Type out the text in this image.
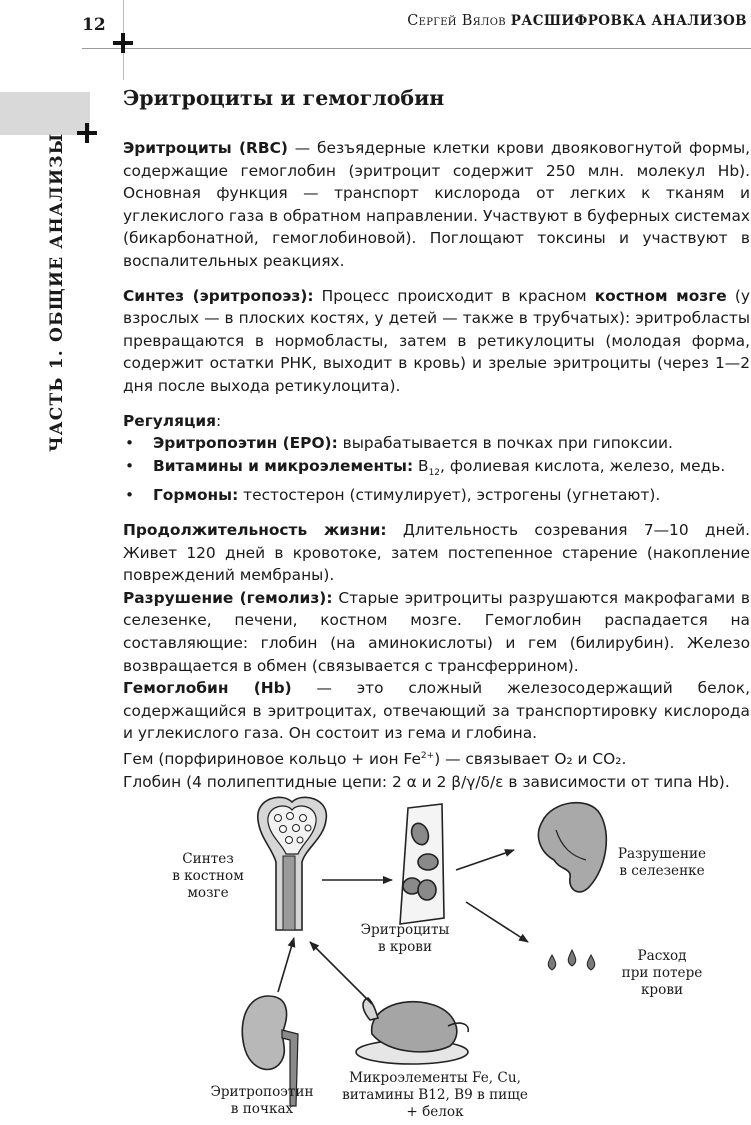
12	Сергей Вялов РАСШИФРОВКА АНАЛИЗОВ
ЧАСТЬ 1. ОБЩИЕ АНАЛИЗЫ
Эритроциты и гемоглобин

Эритроциты (RBC) — безъядерные клетки крови двояковогнутой формы, содержащие гемоглобин (эритроцит содержит 250 млн. молекул Hb). Основная функция — транспорт кислорода от легких к тканям и углекислого газа в обратном направлении. Участвуют в буферных системах (бикарбонатной, гемоглобиновой). Поглощают токсины и участвуют в воспалительных реакциях.

Синтез (эритропоэз): Процесс происходит в красном костном мозге (у взрослых — в плоских костях, у детей — также в трубчатых): эритробласты превращаются в нормобласты, затем в ретикулоциты (молодая форма, содержит остатки РНК, выходит в кровь) и зрелые эритроциты (через 1—2 дня после выхода ретикулоцита).

Регуляция:

• Эритропоэтин (EPO): вырабатывается в почках при гипоксии.
• Витамины и микроэлементы: $B_{12}$, фолиевая кислота, железо, медь.
• Гормоны: тестостерон (стимулирует), эстрогены (угнетают).

Продолжительность жизни: Длительность созревания 7—10 дней. Живет 120 дней в кровотоке, затем постепенное старение (накопление повреждений мембраны).

Разрушение (гемолиз): Старые эритроциты разрушаются макрофагами в селезенке, печени, костном мозге. Гемоглобин распадается на составляющие: глобин (на аминокислоты) и гем (билирубин). Железо возвращается в обмен (связывается с трансферрином).

Гемоглобин (Hb) — это сложный железосодержащий белок, содержащийся в эритроцитах, отвечающий за транспортировку кислорода и углекислого газа. Он состоит из гема и глобина.

Гем (порфириновое кольцо + ион $Fe^{2+}$) — связывает O₂ и CO₂.

Глобин (4 полипептидные цепи: 2 α и 2 β/γ/δ/ε в зависимости от типа Hb).

Синтез
в костном
мозге
Эритроциты
в крови
Разрушение
в селезенке
Расход
при потере
крови
Эритропоэтин
в почках
Микроэлементы Fe, Cu,
витамины B12, B9 в пище
+ белок
